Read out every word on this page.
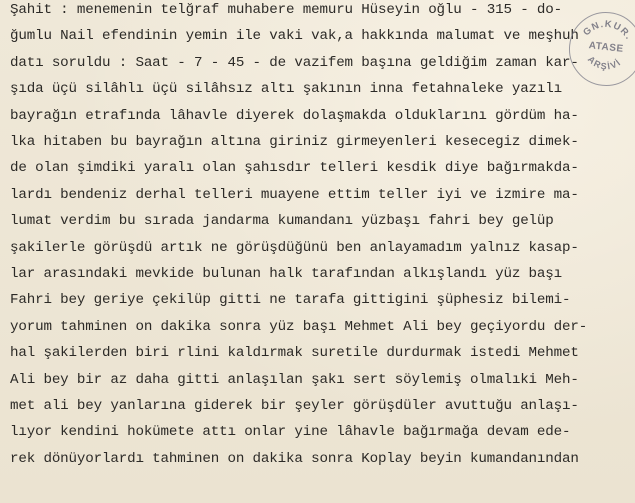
Şahit : menemenin telğraf muhabere memuru Hüseyin oğlu - 315 - do-
ğumlu Nail efendinin yemin ile vaki vak,a hakkında malumat ve meşhuh
datı soruldu : Saat - 7 - 45 - de vazifem başına geldiğim zaman kar-
şıda üçü silâhlı üçü silâhsız altı şakının inna fetahnaleke yazılı
bayrağın etrafında lâhavle diyerek dolaşmakda olduklarını gördüm ha-
lka hitaben bu bayrağın altına giriniz girmeyenleri kesecegiz dimek-
de olan şimdiki yaralı olan şahısdır telleri kesdik diye bağırmakda-
lardı bendeniz derhal telleri muayene ettim teller iyi ve izmire ma-
lumat verdim bu sırada jandarma kumandanı yüzbaşı fahri bey gelüp
şakilerle görüşdü artık ne görüşdüğünü ben anlayamadım yalnız kasap-
lar arasındaki mevkide bulunan halk tarafından alkışlandı yüz başı
Fahri bey geriye çekilüp gitti ne tarafa gittigini şüphesiz bilemi-
yorum tahminen on dakika sonra yüz başı Mehmet Ali bey geçiyordu der-
hal şakilerden biri rlini kaldırmak suretile durdurmak istedi Mehmet
Ali bey bir az daha gitti anlaşılan şakı sert söylemiş olmalıki Meh-
met ali bey yanlarına giderek bir şeyler görüşdüler avuttuğu anlaşı-
lıyor kendini hokümete attı onlar yine lâhavle bağırmağa devam ede-
rek dönüyorlardı tahminen on dakika sonra Koplay beyin kumandanından
GN.KUR.
ARŞİVİ
ATASE
